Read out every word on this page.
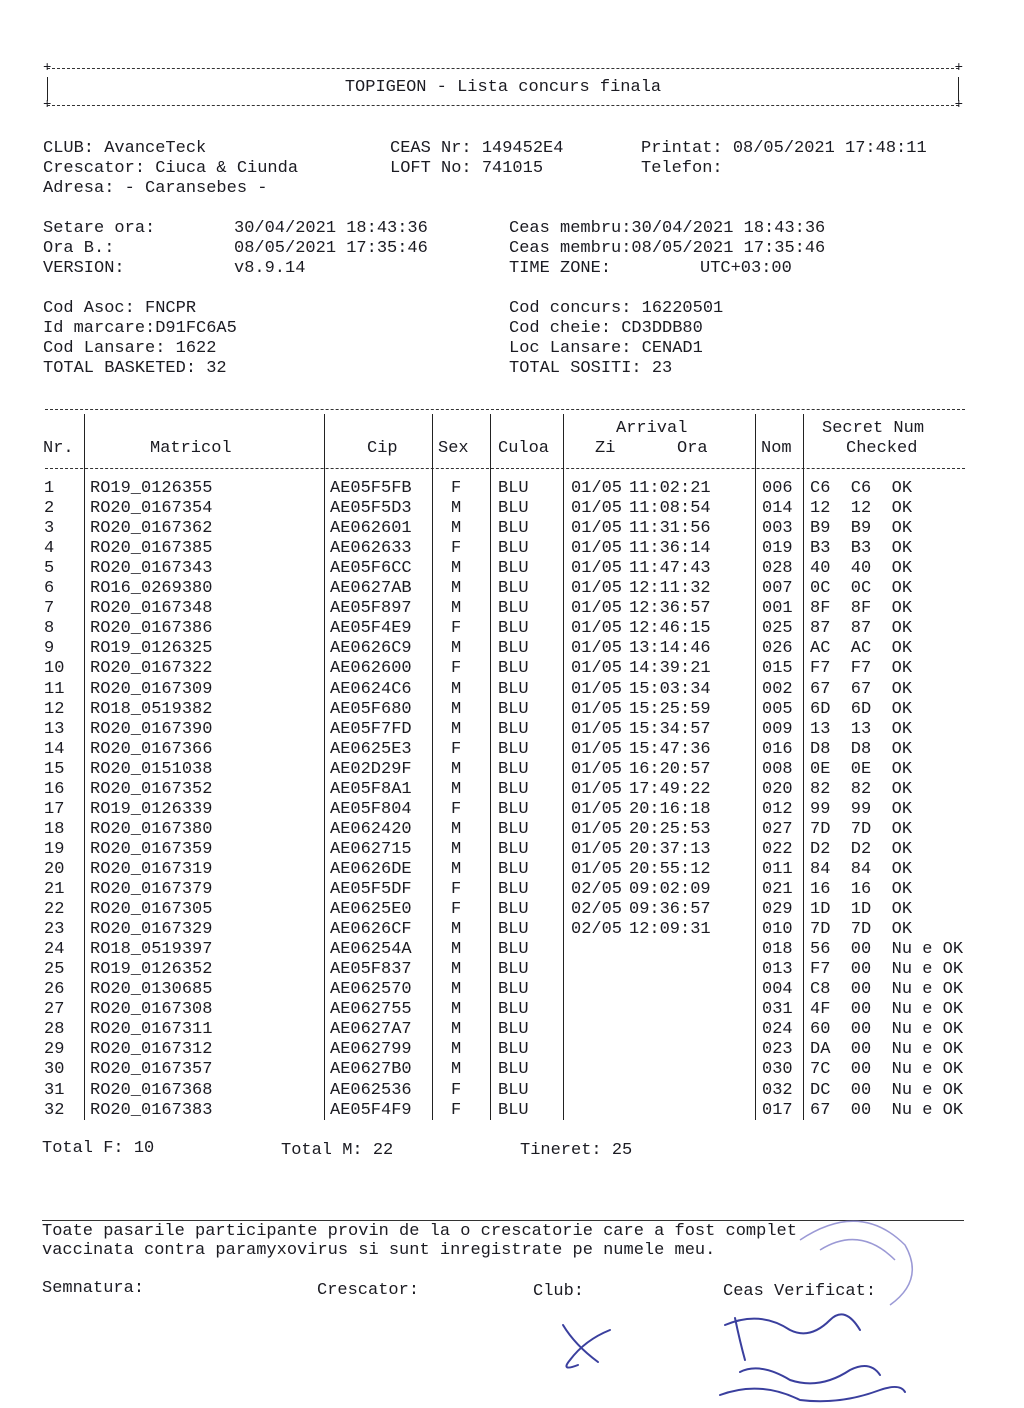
+	+
+	+
TOPIGEON - Lista concurs finala
CLUB: AvanceTeck
Crescator: Ciuca & Ciunda
Adresa: - Caransebes -
CEAS Nr: 149452E4
LOFT No: 741015
Printat: 08/05/2021 17:48:11
Telefon:
Setare ora:	30/04/2021 18:43:36
Ora B.:	08/05/2021 17:35:46
VERSION:	v8.9.14
Ceas membru:30/04/2021 18:43:36
Ceas membru:08/05/2021 17:35:46
TIME ZONE:	UTC+03:00
Cod Asoc: FNCPR
Id marcare:D91FC6A5
Cod Lansare: 1622
TOTAL BASKETED: 32
Cod concurs: 16220501
Cod cheie: CD3DDB80
Loc Lansare: CENAD1
TOTAL SOSITI: 23
Nr.	Matricol	Cip Sex Culoa
Arrival
Zi	Ora	Nom
Secret Num
Checked
1 RO19_0126355	AE05F5FB F BLU 01/05 11:02:21	006 C6  C6  OK
2 RO20_0167354	AE05F5D3 M BLU 01/05 11:08:54	014 12  12  OK
3 RO20_0167362	AE062601 M BLU 01/05 11:31:56	003 B9  B9  OK
4 RO20_0167385	AE062633 F BLU 01/05 11:36:14	019 B3  B3  OK
5 RO20_0167343	AE05F6CC M BLU 01/05 11:47:43	028 40  40  OK
6 RO16_0269380	AE0627AB M BLU 01/05 12:11:32	007 0C  0C  OK
7 RO20_0167348	AE05F897 M BLU 01/05 12:36:57	001 8F  8F  OK
8 RO20_0167386	AE05F4E9 F BLU 01/05 12:46:15	025 87  87  OK
9 RO19_0126325	AE0626C9 M BLU 01/05 13:14:46	026 AC  AC  OK
10 RO20_0167322	AE062600 F BLU 01/05 14:39:21	015 F7  F7  OK
11 RO20_0167309	AE0624C6 M BLU 01/05 15:03:34	002 67  67  OK
12 RO18_0519382	AE05F680 M BLU 01/05 15:25:59	005 6D  6D  OK
13 RO20_0167390	AE05F7FD M BLU 01/05 15:34:57	009 13  13  OK
14 RO20_0167366	AE0625E3 F BLU 01/05 15:47:36	016 D8  D8  OK
15 RO20_0151038	AE02D29F M BLU 01/05 16:20:57	008 0E  0E  OK
16 RO20_0167352	AE05F8A1 M BLU 01/05 17:49:22	020 82  82  OK
17 RO19_0126339	AE05F804 F BLU 01/05 20:16:18	012 99  99  OK
18 RO20_0167380	AE062420 M BLU 01/05 20:25:53	027 7D  7D  OK
19 RO20_0167359	AE062715 M BLU 01/05 20:37:13	022 D2  D2  OK
20 RO20_0167319	AE0626DE M BLU 01/05 20:55:12	011 84  84  OK
21 RO20_0167379	AE05F5DF F BLU 02/05 09:02:09	021 16  16  OK
22 RO20_0167305	AE0625E0 F BLU 02/05 09:36:57	029 1D  1D  OK
23 RO20_0167329	AE0626CF M BLU 02/05 12:09:31	010 7D  7D  OK
24 RO18_0519397	AE06254A M BLU	018 56  00  Nu e OK
25 RO19_0126352	AE05F837 M BLU	013 F7  00  Nu e OK
26 RO20_0130685	AE062570 M BLU	004 C8  00  Nu e OK
27 RO20_0167308	AE062755 M BLU	031 4F  00  Nu e OK
28 RO20_0167311	AE0627A7 M BLU	024 60  00  Nu e OK
29 RO20_0167312	AE062799 M BLU	023 DA  00  Nu e OK
30 RO20_0167357	AE0627B0 M BLU	030 7C  00  Nu e OK
31 RO20_0167368	AE062536 F BLU	032 DC  00  Nu e OK
32 RO20_0167383	AE05F4F9 F BLU	017 67  00  Nu e OK
Total F: 10	Total M: 22	Tineret: 25
Toate pasarile participante provin de la o crescatorie care a fost complet
vaccinata contra paramyxovirus si sunt inregistrate pe numele meu.
Semnatura:	Crescator:	Club:	Ceas Verificat:
